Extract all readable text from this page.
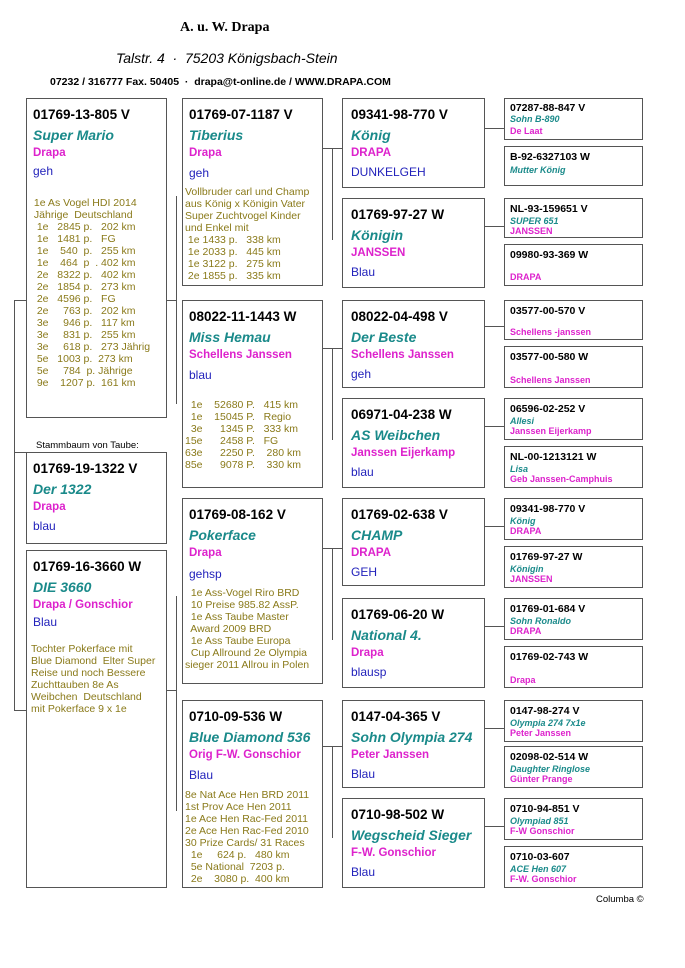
A. u. W. Drapa
Talstr. 4  ·  75203 Königsbach-Stein
07232 / 316777 Fax. 50405  ·  drapa@t-online.de / WWW.DRAPA.COM
01769-13-805 V
Super Mario
Drapa
geh
1e As Vogel HDI 2014
Jährige  Deutschland
1e   2845 p.   202 km
1e   1481 p.   FG
1e    540  p.   255 km
1e    464  p  . 402 km
2e   8322 p.   402 km
2e   1854 p.   273 km
2e   4596 p.   FG
2e     763 p.   202 km
3e     946 p.   117 km
3e     831 p.   255 km
3e     618 p.   273 Jährig
5e   1003 p.  273 km
5e     784  p. Jährige
9e    1207 p.  161 km
Stammbaum von Taube:
01769-19-1322 V
Der 1322
Drapa
blau
01769-16-3660 W
DIE 3660
Drapa / Gonschior
Blau
Tochter Pokerface mit
Blue Diamond  Elter Super
Reise und noch Bessere
Zuchttauben 8e As
Weibchen  Deutschland
mit Pokerface 9 x 1e
01769-07-1187 V
Tiberius
Drapa
geh
Vollbruder carl und Champ
aus König x Königin Vater
Super Zuchtvogel Kinder
und Enkel mit
1e 1433 p.   338 km
1e 2033 p.   445 km
1e 3122 p.   275 km
2e 1855 p.   335 km
08022-11-1443 W
Miss Hemau
Schellens Janssen
blau
1e    52680 P.   415 km
1e    15045 P.   Regio
3e      1345 P.   333 km
15e      2458 P.   FG
63e      2250 P.    280 km
85e      9078 P.    330 km
01769-08-162 V
Pokerface
Drapa
gehsp
1e Ass-Vogel Riro BRD
10 Preise 985.82 AssP.
1e Ass Taube Master
Award 2009 BRD
1e Ass Taube Europa
Cup Allround 2e Olympia
sieger 2011 Allrou in Polen
0710-09-536 W
Blue Diamond 536
Orig F-W. Gonschior
Blau
8e Nat Ace Hen BRD 2011
1st Prov Ace Hen 2011
1e Ace Hen Rac-Fed 2011
2e Ace Hen Rac-Fed 2010
30 Prize Cards/ 31 Races
1e     624 p.   480 km
5e National  7203 p.
2e    3080 p.  400 km
09341-98-770 V
König
DRAPA
DUNKELGEH
01769-97-27 W
Königin
JANSSEN
Blau
08022-04-498 V
Der Beste
Schellens Janssen
geh
06971-04-238 W
AS Weibchen
Janssen Eijerkamp
blau
01769-02-638 V
CHAMP
DRAPA
GEH
01769-06-20 W
National 4.
Drapa
blausp
0147-04-365 V
Sohn Olympia 274
Peter Janssen
Blau
0710-98-502 W
Wegscheid Sieger
F-W. Gonschior
Blau
07287-88-847 V
Sohn B-890
De Laat
B-92-6327103 W
Mutter König
NL-93-159651 V
SUPER 651
JANSSEN
09980-93-369 W
DRAPA
03577-00-570 V
Schellens -janssen
03577-00-580 W
Schellens Janssen
06596-02-252 V
Allesi
Janssen Eijerkamp
NL-00-1213121 W
Lisa
Geb Janssen-Camphuis
09341-98-770 V
König
DRAPA
01769-97-27 W
Königin
JANSSEN
01769-01-684 V
Sohn Ronaldo
DRAPA
01769-02-743 W
Drapa
0147-98-274 V
Olympia 274 7x1e
Peter Janssen
02098-02-514 W
Daughter Ringlose
Günter Prange
0710-94-851 V
Olympiad 851
F-W Gonschior
0710-03-607
ACE Hen 607
F-W. Gonschior
Columba ©
